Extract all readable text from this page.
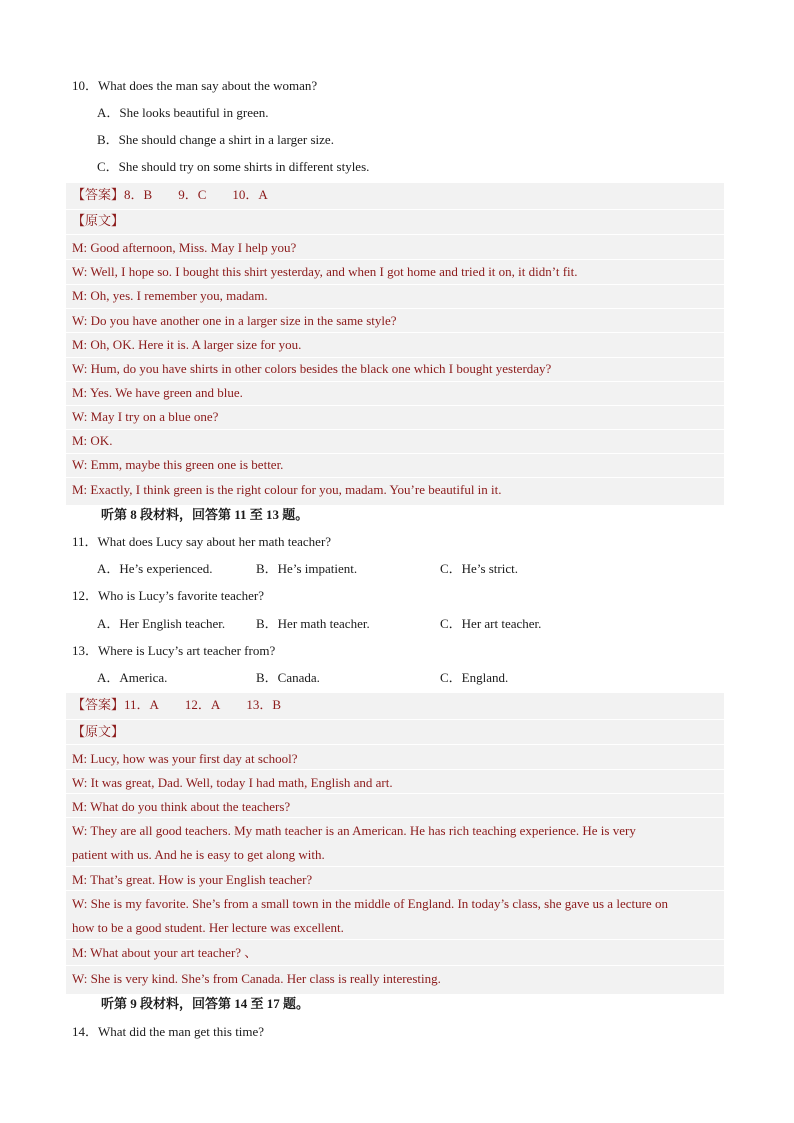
10．What does the man say about the woman?
A．She looks beautiful in green.
B．She should change a shirt in a larger size.
C．She should try on some shirts in different styles.
【答案】8．B 9．C 10．A
【原文】
M: Good afternoon, Miss. May I help you?
W: Well, I hope so. I bought this shirt yesterday, and when I got home and tried it on, it didn’t fit.
M: Oh, yes. I remember you, madam.
W: Do you have another one in a larger size in the same style?
M: Oh, OK. Here it is. A larger size for you.
W: Hum, do you have shirts in other colors besides the black one which I bought yesterday?
M: Yes. We have green and blue.
W: May I try on a blue one?
M: OK.
W: Emm, maybe this green one is better.
M: Exactly, I think green is the right colour for you, madam. You’re beautiful in it.
听第 8 段材料，回答第 11 至 13 题。
11．What does Lucy say about her math teacher?
A．He’s experienced.	B．He’s impatient.	C．He’s strict.
12．Who is Lucy’s favorite teacher?
A．Her English teacher. B．Her math teacher.	C．Her art teacher.
13．Where is Lucy’s art teacher from?
A．America.	B．Canada.	C．England.
【答案】11．A 12．A 13．B
【原文】
M: Lucy, how was your first day at school?
W: It was great, Dad. Well, today I had math, English and art.
M: What do you think about the teachers?
W: They are all good teachers. My math teacher is an American. He has rich teaching experience. He is very
patient with us. And he is easy to get along with.
M: That’s great. How is your English teacher?
W: She is my favorite. She’s from a small town in the middle of England. In today’s class, she gave us a lecture on
how to be a good student. Her lecture was excellent.
M: What about your art teacher? 、
W: She is very kind. She’s from Canada. Her class is really interesting.
听第 9 段材料，回答第 14 至 17 题。
14．What did the man get this time?
